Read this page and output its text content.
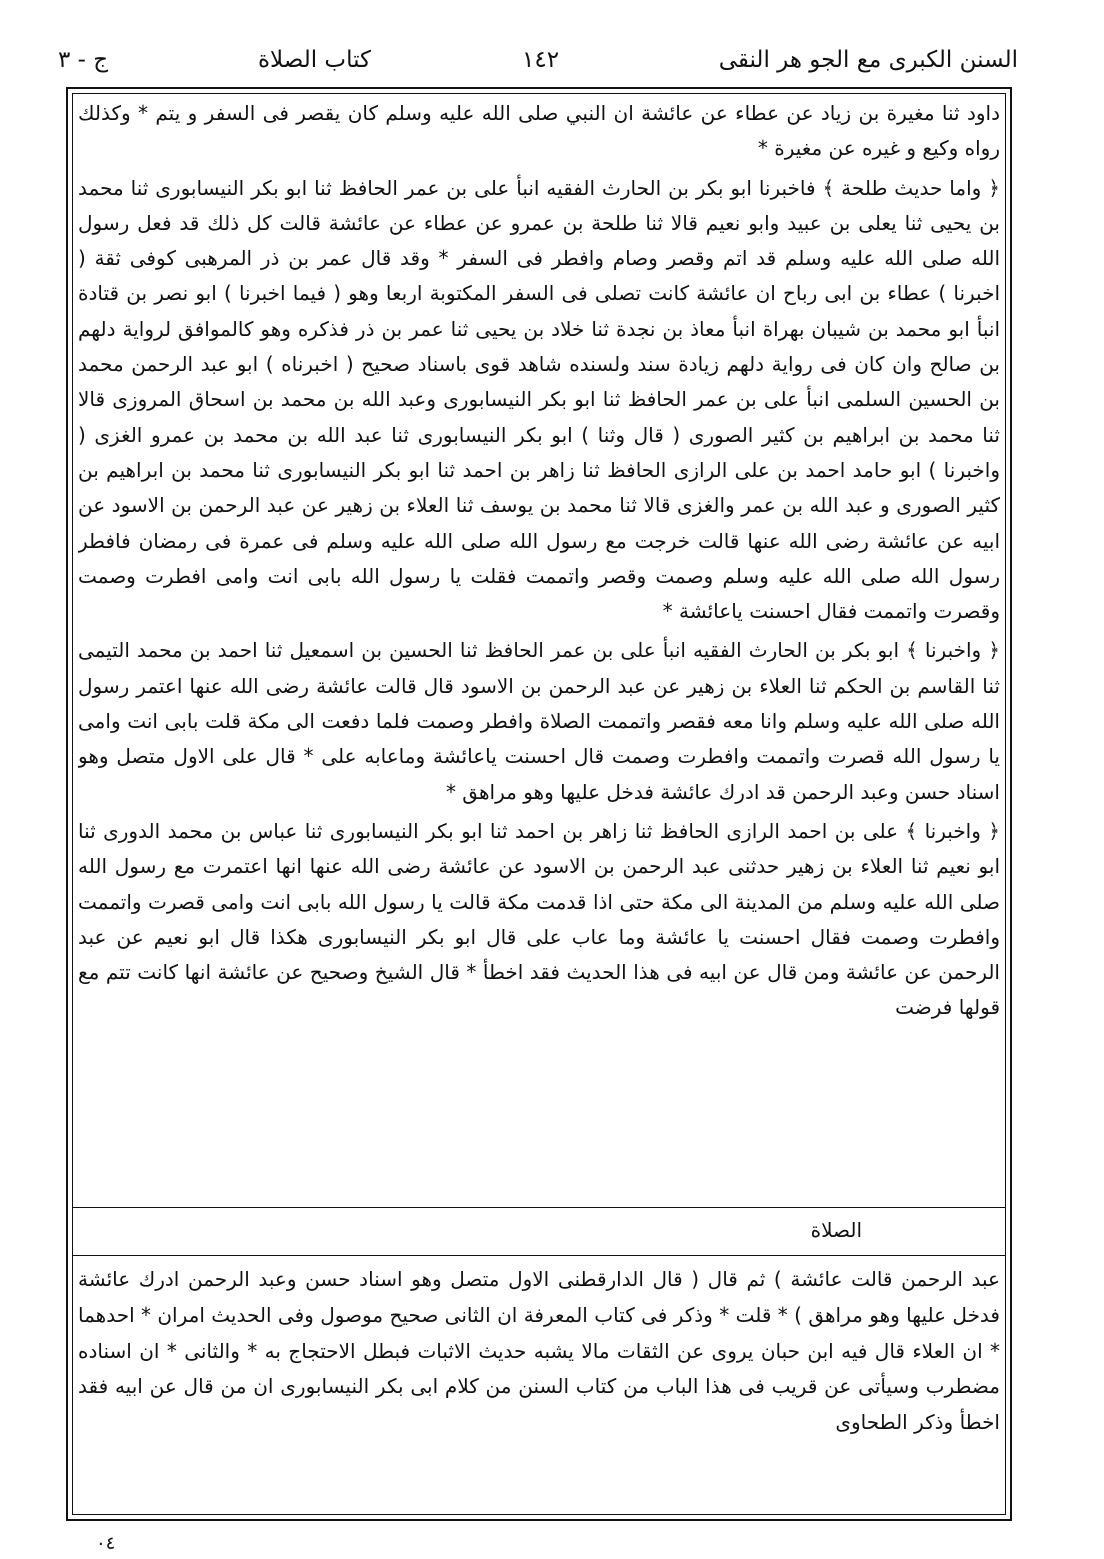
السنن الكبرى مع الجو هر النقى
١٤٢
كتاب الصلاة
ج - ٣

داود ثنا مغيرة بن زياد عن عطاء عن عائشة ان النبي صلى الله عليه وسلم كان يقصر فى السفر و يتم * وكذلك رواه وكيع و غيره عن مغيرة *

﴿ واما حديث طلحة ﴾ فاخبرنا ابو بكر بن الحارث الفقيه انبأ على بن عمر الحافظ ثنا ابو بكر النيسابورى ثنا محمد بن يحيى ثنا يعلى بن عبيد وابو نعيم قالا ثنا طلحة بن عمرو عن عطاء عن عائشة قالت كل ذلك قد فعل رسول الله صلى الله عليه وسلم قد اتم وقصر وصام وافطر فى السفر * وقد قال عمر بن ذر المرهبى كوفى ثقة ( اخبرنا ) عطاء بن ابى رباح ان عائشة كانت تصلى فى السفر المكتوبة اربعا وهو ( فيما اخبرنا ) ابو نصر بن قتادة انبأ ابو محمد بن شيبان بهراة انبأ معاذ بن نجدة ثنا خلاد بن يحيى ثنا عمر بن ذر فذكره وهو كالموافق لرواية دلهم بن صالح وان كان فى رواية دلهم زيادة سند ولسنده شاهد قوى باسناد صحيح ( اخبرناه ) ابو عبد الرحمن محمد بن الحسين السلمى انبأ على بن عمر الحافظ ثنا ابو بكر النيسابورى وعبد الله بن محمد بن اسحاق المروزى قالا ثنا محمد بن ابراهيم بن كثير الصورى ( قال وثنا ) ابو بكر النيسابورى ثنا عبد الله بن محمد بن عمرو الغزى ( واخبرنا ) ابو حامد احمد بن على الرازى الحافظ ثنا زاهر بن احمد ثنا ابو بكر النيسابورى ثنا محمد بن ابراهيم بن كثير الصورى و عبد الله بن عمر والغزى قالا ثنا محمد بن يوسف ثنا العلاء بن زهير عن عبد الرحمن بن الاسود عن ابيه عن عائشة رضى الله عنها قالت خرجت مع رسول الله صلى الله عليه وسلم فى عمرة فى رمضان فافطر رسول الله صلى الله عليه وسلم وصمت وقصر واتممت فقلت يا رسول الله بابى انت وامى افطرت وصمت وقصرت واتممت فقال احسنت ياعائشة *

﴿ واخبرنا ﴾ ابو بكر بن الحارث الفقيه انبأ على بن عمر الحافظ ثنا الحسين بن اسمعيل ثنا احمد بن محمد التيمى ثنا القاسم بن الحكم ثنا العلاء بن زهير عن عبد الرحمن بن الاسود قال قالت عائشة رضى الله عنها اعتمر رسول الله صلى الله عليه وسلم وانا معه فقصر واتممت الصلاة وافطر وصمت فلما دفعت الى مكة قلت بابى انت وامى يا رسول الله قصرت واتممت وافطرت وصمت قال احسنت ياعائشة وماعابه على * قال على الاول متصل وهو اسناد حسن وعبد الرحمن قد ادرك عائشة فدخل عليها وهو مراهق *

﴿ واخبرنا ﴾ على بن احمد الرازى الحافظ ثنا زاهر بن احمد ثنا ابو بكر النيسابورى ثنا عباس بن محمد الدورى ثنا ابو نعيم ثنا العلاء بن زهير حدثنى عبد الرحمن بن الاسود عن عائشة رضى الله عنها انها اعتمرت مع رسول الله صلى الله عليه وسلم من المدينة الى مكة حتى اذا قدمت مكة قالت يا رسول الله بابى انت وامى قصرت واتممت وافطرت وصمت فقال احسنت يا عائشة وما عاب على قال ابو بكر النيسابورى هكذا قال ابو نعيم عن عبد الرحمن عن عائشة ومن قال عن ابيه فى هذا الحديث فقد اخطأ * قال الشيخ وصحيح عن عائشة انها كانت تتم مع قولها فرضت

الصلاة

عبد الرحمن قالت عائشة ) ثم قال ( قال الدارقطنى الاول متصل وهو اسناد حسن وعبد الرحمن ادرك عائشة فدخل عليها وهو مراهق ) * قلت * وذكر فى كتاب المعرفة ان الثانى صحيح موصول وفى الحديث امران * احدهما * ان العلاء قال فيه ابن حبان يروى عن الثقات مالا يشبه حديث الاثبات فبطل الاحتجاج به * والثانى * ان اسناده مضطرب وسيأتى عن قريب فى هذا الباب من كتاب السنن من كلام ابى بكر النيسابورى ان من قال عن ابيه فقد اخطأ وذكر الطحاوى

٠٤
